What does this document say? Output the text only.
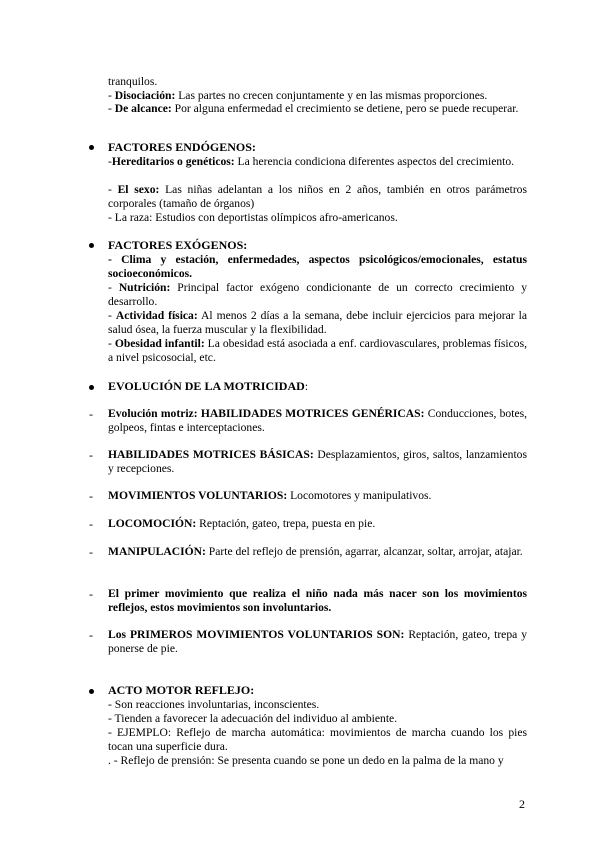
tranquilos.
- Disociación: Las partes no crecen conjuntamente y en las mismas proporciones.
- De alcance: Por alguna enfermedad el crecimiento se detiene, pero se puede recuperar.
FACTORES ENDÓGENOS:
-Hereditarios o genéticos: La herencia condiciona diferentes aspectos del crecimiento.
- El sexo: Las niñas adelantan a los niños en 2 años, también en otros parámetros corporales (tamaño de órganos)
- La raza: Estudios con deportistas olímpicos afro-americanos.
FACTORES EXÓGENOS:
- Clima y estación, enfermedades, aspectos psicológicos/emocionales, estatus socioeconómicos.
- Nutrición: Principal factor exógeno condicionante de un correcto crecimiento y desarrollo.
- Actividad física: Al menos 2 días a la semana, debe incluir ejercicios para mejorar la salud ósea, la fuerza muscular y la flexibilidad.
- Obesidad infantil: La obesidad está asociada a enf. cardiovasculares, problemas físicos, a nivel psicosocial, etc.
EVOLUCIÓN DE LA MOTRICIDAD:
- Evolución motriz: HABILIDADES MOTRICES GENÉRICAS: Conducciones, botes, golpeos, fintas e interceptaciones.
- HABILIDADES MOTRICES BÁSICAS: Desplazamientos, giros, saltos, lanzamientos y recepciones.
- MOVIMIENTOS VOLUNTARIOS: Locomotores y manipulativos.
- LOCOMOCIÓN: Reptación, gateo, trepa, puesta en pie.
- MANIPULACIÓN: Parte del reflejo de prensión, agarrar, alcanzar, soltar, arrojar, atajar.
- El primer movimiento que realiza el niño nada más nacer son los movimientos reflejos, estos movimientos son involuntarios.
- Los PRIMEROS MOVIMIENTOS VOLUNTARIOS SON: Reptación, gateo, trepa y ponerse de pie.
ACTO MOTOR REFLEJO:
- Son reacciones involuntarias, inconscientes.
- Tienden a favorecer la adecuación del individuo al ambiente.
- EJEMPLO: Reflejo de marcha automática: movimientos de marcha cuando los pies tocan una superficie dura.
. - Reflejo de prensión: Se presenta cuando se pone un dedo en la palma de la mano y
2
